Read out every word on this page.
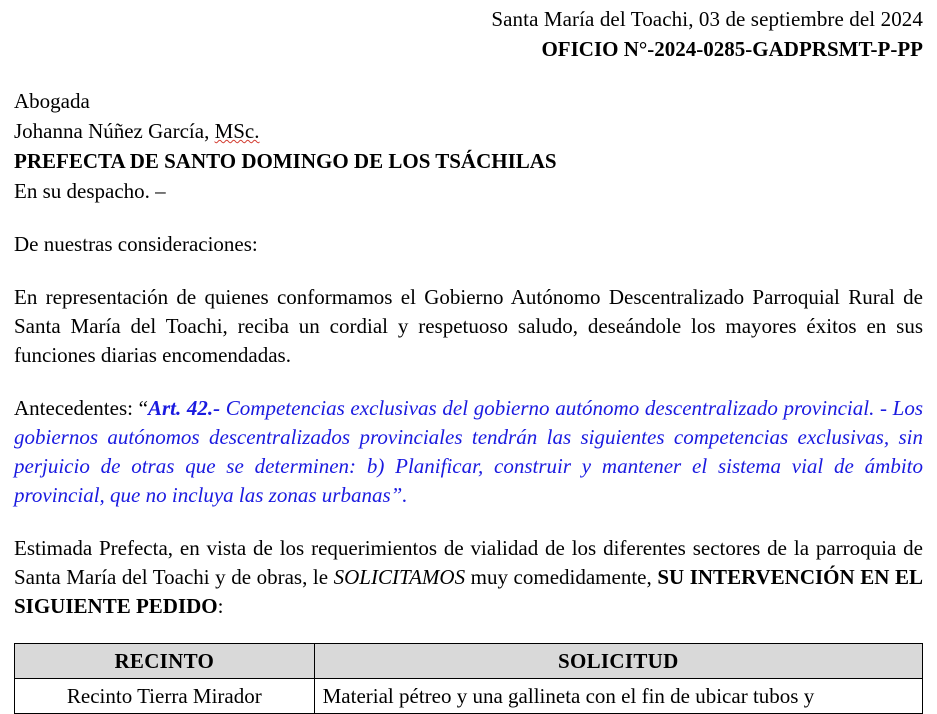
Santa María del Toachi, 03 de septiembre del 2024
OFICIO N°-2024-0285-GADPRSMT-P-PP
Abogada
Johanna Núñez García, MSc.
PREFECTA DE SANTO DOMINGO DE LOS TSÁCHILAS
En su despacho. –
De nuestras consideraciones:
En representación de quienes conformamos el Gobierno Autónomo Descentralizado Parroquial Rural de Santa María del Toachi, reciba un cordial y respetuoso saludo, deseándole los mayores éxitos en sus funciones diarias encomendadas.
Antecedentes: “Art. 42.- Competencias exclusivas del gobierno autónomo descentralizado provincial. - Los gobiernos autónomos descentralizados provinciales tendrán las siguientes competencias exclusivas, sin perjuicio de otras que se determinen: b) Planificar, construir y mantener el sistema vial de ámbito provincial, que no incluya las zonas urbanas”.
Estimada Prefecta, en vista de los requerimientos de vialidad de los diferentes sectores de la parroquia de Santa María del Toachi y de obras, le SOLICITAMOS muy comedidamente, SU INTERVENCIÓN EN EL SIGUIENTE PEDIDO:
RECINTO	SOLICITUD
Recinto Tierra Mirador	Material pétreo y una gallineta con el fin de ubicar tubos y
